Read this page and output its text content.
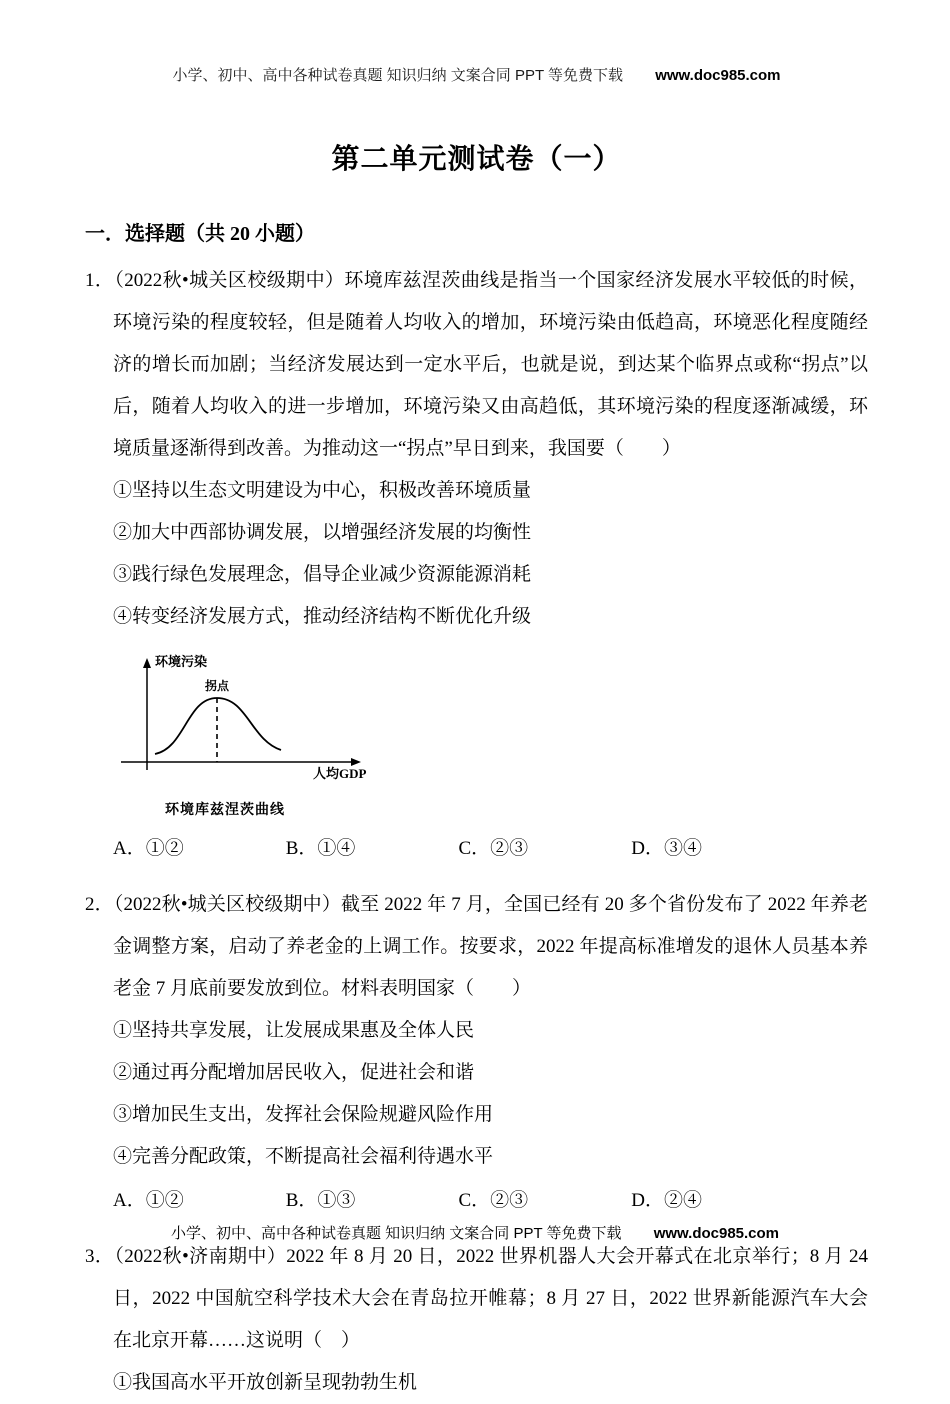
小学、初中、高中各种试卷真题 知识归纳 文案合同 PPT 等免费下载 www.doc985.com
第二单元测试卷（一）
一．选择题（共 20 小题）
1．（2022秋•城关区校级期中）环境库兹涅茨曲线是指当一个国家经济发展水平较低的时候，环境污染的程度较轻，但是随着人均收入的增加，环境污染由低趋高，环境恶化程度随经济的增长而加剧；当经济发展达到一定水平后，也就是说，到达某个临界点或称“拐点”以后，随着人均收入的进一步增加，环境污染又由高趋低，其环境污染的程度逐渐减缓，环境质量逐渐得到改善。为推动这一“拐点”早日到来，我国要（　　）
①坚持以生态文明建设为中心，积极改善环境质量
②加大中西部协调发展，以增强经济发展的均衡性
③践行绿色发展理念，倡导企业减少资源能源消耗
④转变经济发展方式，推动经济结构不断优化升级
环境污染
拐点
人均GDP
环境库兹涅茨曲线
A．①②	B．①④	C．②③	D．③④
2．（2022秋•城关区校级期中）截至 2022 年 7 月，全国已经有 20 多个省份发布了 2022 年养老金调整方案，启动了养老金的上调工作。按要求，2022 年提高标准增发的退休人员基本养老金 7 月底前要发放到位。材料表明国家（　　）
①坚持共享发展，让发展成果惠及全体人民
②通过再分配增加居民收入，促进社会和谐
③增加民生支出，发挥社会保险规避风险作用
④完善分配政策，不断提高社会福利待遇水平
A．①②	B．①③	C．②③	D．②④
3．（2022秋•济南期中）2022 年 8 月 20 日，2022 世界机器人大会开幕式在北京举行；8 月 24 日，2022 中国航空科学技术大会在青岛拉开帷幕；8 月 27 日，2022 世界新能源汽车大会在北京开幕……这说明（　）
①我国高水平开放创新呈现勃勃生机
小学、初中、高中各种试卷真题 知识归纳 文案合同 PPT 等免费下载 www.doc985.com
